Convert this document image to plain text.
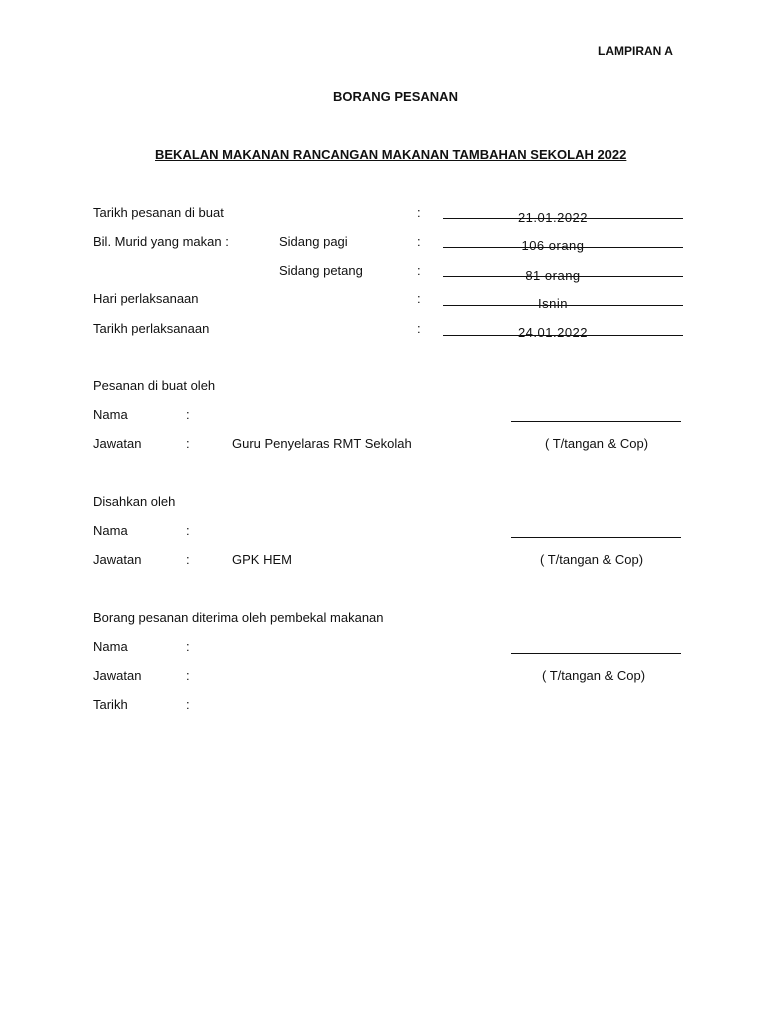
LAMPIRAN A
BORANG PESANAN
BEKALAN MAKANAN RANCANGAN MAKANAN TAMBAHAN SEKOLAH 2022
Tarikh pesanan di buat	:	21.01.2022
Bil. Murid yang makan :	Sidang pagi	:	106 orang
Sidang petang	:	81 orang
Hari perlaksanaan	:	Isnin
Tarikh perlaksanaan	:	24.01.2022
Pesanan di buat oleh
Nama	:
Jawatan	:	Guru Penyelaras RMT Sekolah	( T/tangan & Cop)
Disahkan oleh
Nama	:
Jawatan	:	GPK HEM	( T/tangan & Cop)
Borang pesanan diterima oleh pembekal makanan
Nama	:
Jawatan	:	( T/tangan & Cop)
Tarikh	:
